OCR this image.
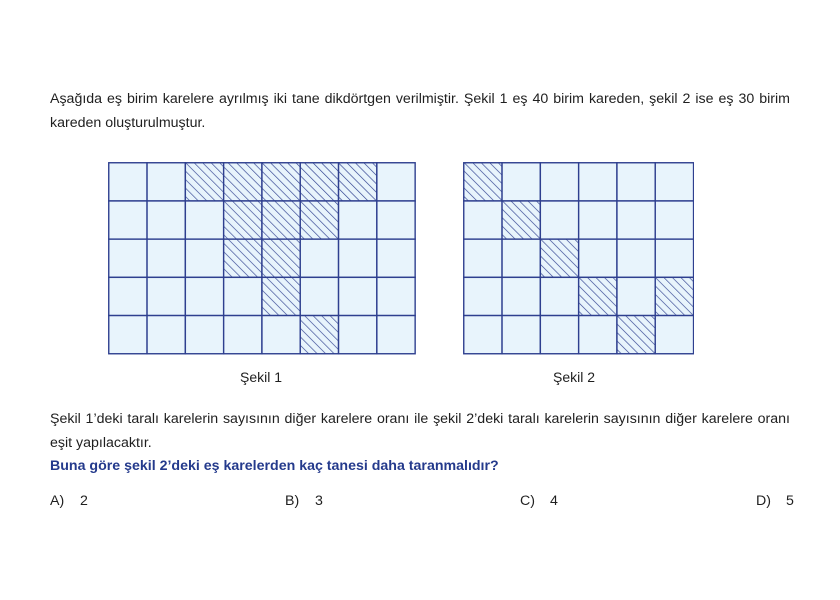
Aşağıda eş birim karelere ayrılmış iki tane dikdörtgen verilmiştir. Şekil 1 eş 40 birim kareden, şekil 2 ise eş 30 birim kareden oluşturulmuştur.

Şekil 1	Şekil 2

Şekil 1’deki taralı karelerin sayısının diğer karelere oranı ile şekil 2’deki taralı karelerin sayısının diğer karelere oranı eşit yapılacaktır.

Buna göre şekil 2’deki eş karelerden kaç tanesi daha taranmalıdır?

A) 2	B) 3	C) 4	D) 5
